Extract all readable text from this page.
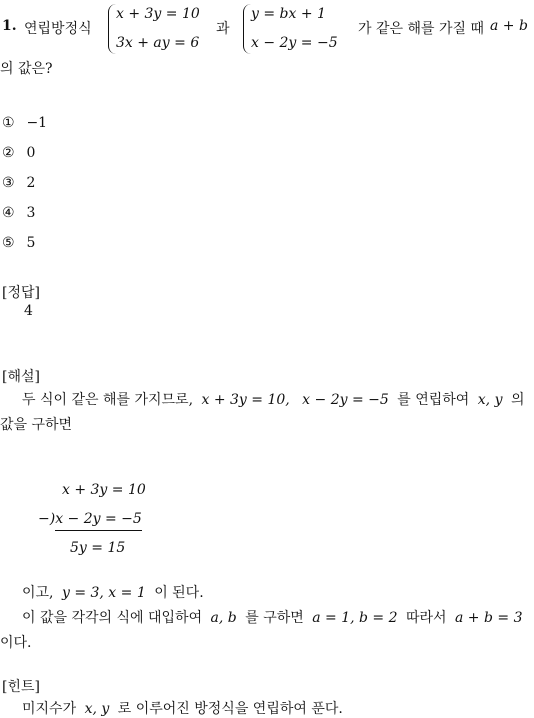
1. 연립방정식
x + 3y = 10
3x + ay = 6
과
y = bx + 1
x − 2y = −5
가 같은 해를 가질 때 a + b
의 값은?
① −1
② 0
③ 2
④ 3
⑤ 5
[정답]
4
[해설]
두 식이 같은 해를 가지므로, x + 3y = 10, x − 2y = −5 를 연립하여 x, y 의
값을 구하면
x + 3y = 10
−)x − 2y = −5
5y = 15
이고, y = 3, x = 1 이 된다.
이 값을 각각의 식에 대입하여 a, b 를 구하면 a = 1, b = 2 따라서 a + b = 3
이다.
[힌트]
미지수가 x, y 로 이루어진 방정식을 연립하여 푼다.
